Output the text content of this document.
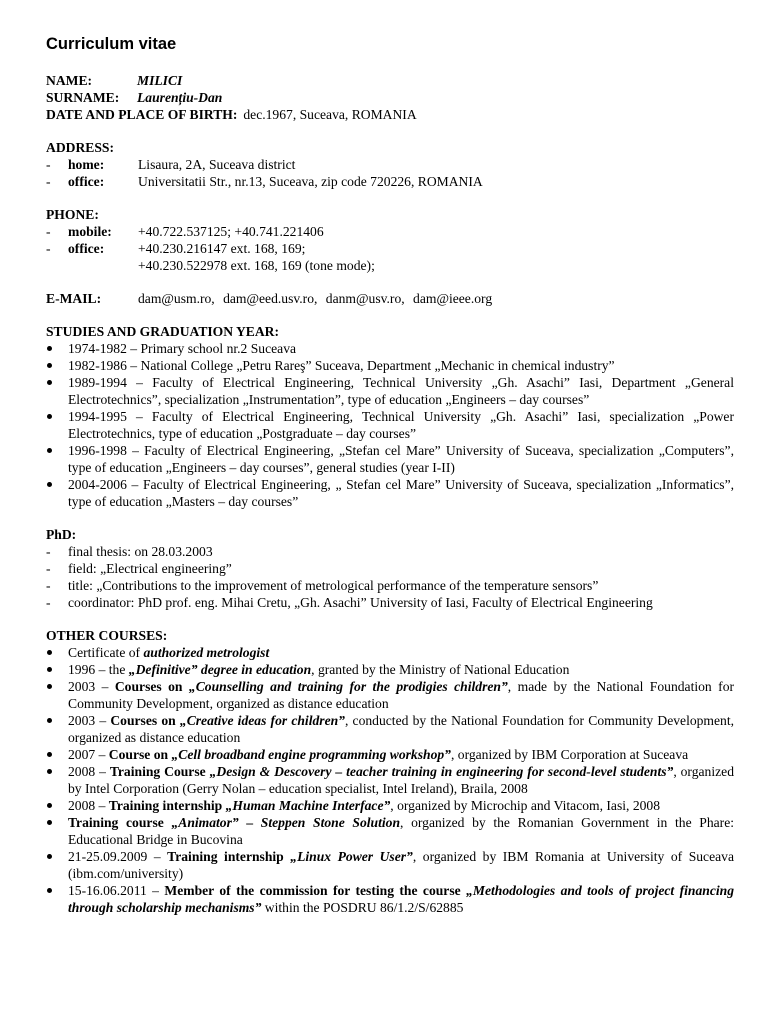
Curriculum vitae
NAME:	MILICI
SURNAME:	Laurențiu-Dan
DATE AND PLACE OF BIRTH: dec.1967, Suceava, ROMANIA
ADDRESS:
-	home:	Lisaura, 2A, Suceava district
-	office:	Universitatii Str., nr.13, Suceava, zip code 720226, ROMANIA
PHONE:
-	mobile:	+40.722.537125; +40.741.221406
-	office:	+40.230.216147 ext. 168, 169;
+40.230.522978 ext. 168, 169 (tone mode);
E-MAIL:	dam@usm.ro, dam@eed.usv.ro, danm@usv.ro, dam@ieee.org
STUDIES AND GRADUATION YEAR:
1974-1982 – Primary school nr.2 Suceava
1982-1986 – National College „Petru Rareş” Suceava, Department „Mechanic in chemical industry”
1989-1994 – Faculty of Electrical Engineering, Technical University „Gh. Asachi” Iasi, Department „General Electrotechnics”, specialization „Instrumentation”, type of education „Engineers – day courses”
1994-1995 – Faculty of Electrical Engineering, Technical University „Gh. Asachi” Iasi, specialization „Power Electrotechnics, type of education „Postgraduate – day courses”
1996-1998 – Faculty of Electrical Engineering, „Stefan cel Mare” University of Suceava, specialization „Computers”, type of education „Engineers – day courses”, general studies (year I-II)
2004-2006 – Faculty of Electrical Engineering, „ Stefan cel Mare” University of Suceava, specialization „Informatics”, type of education „Masters – day courses”
PhD:
-	final thesis: on 28.03.2003
-	field: „Electrical engineering”
-	title: „Contributions to the improvement of metrological performance of the temperature sensors”
-	coordinator: PhD prof. eng. Mihai Cretu, „Gh. Asachi” University of Iasi, Faculty of Electrical Engineering
OTHER COURSES:
Certificate of authorized metrologist
1996 – the „Definitive” degree in education, granted by the Ministry of National Education
2003 – Courses on „Counselling and training for the prodigies children”, made by the National Foundation for Community Development, organized as distance education
2003 – Courses on „Creative ideas for children”, conducted by the National Foundation for Community Development, organized as distance education
2007 – Course on „Cell broadband engine programming workshop”, organized by IBM Corporation at Suceava
2008 – Training Course „Design & Descovery – teacher training in engineering for second-level students”, organized by Intel Corporation (Gerry Nolan – education specialist, Intel Ireland), Braila, 2008
2008 – Training internship „Human Machine Interface”, organized by Microchip and Vitacom, Iasi, 2008
Training course „Animator” – Steppen Stone Solution, organized by the Romanian Government in the Phare: Educational Bridge in Bucovina
21-25.09.2009 – Training internship „Linux Power User”, organized by IBM Romania at University of Suceava (ibm.com/university)
15-16.06.2011 – Member of the commission for testing the course „Methodologies and tools of project financing through scholarship mechanisms” within the POSDRU 86/1.2/S/62885
